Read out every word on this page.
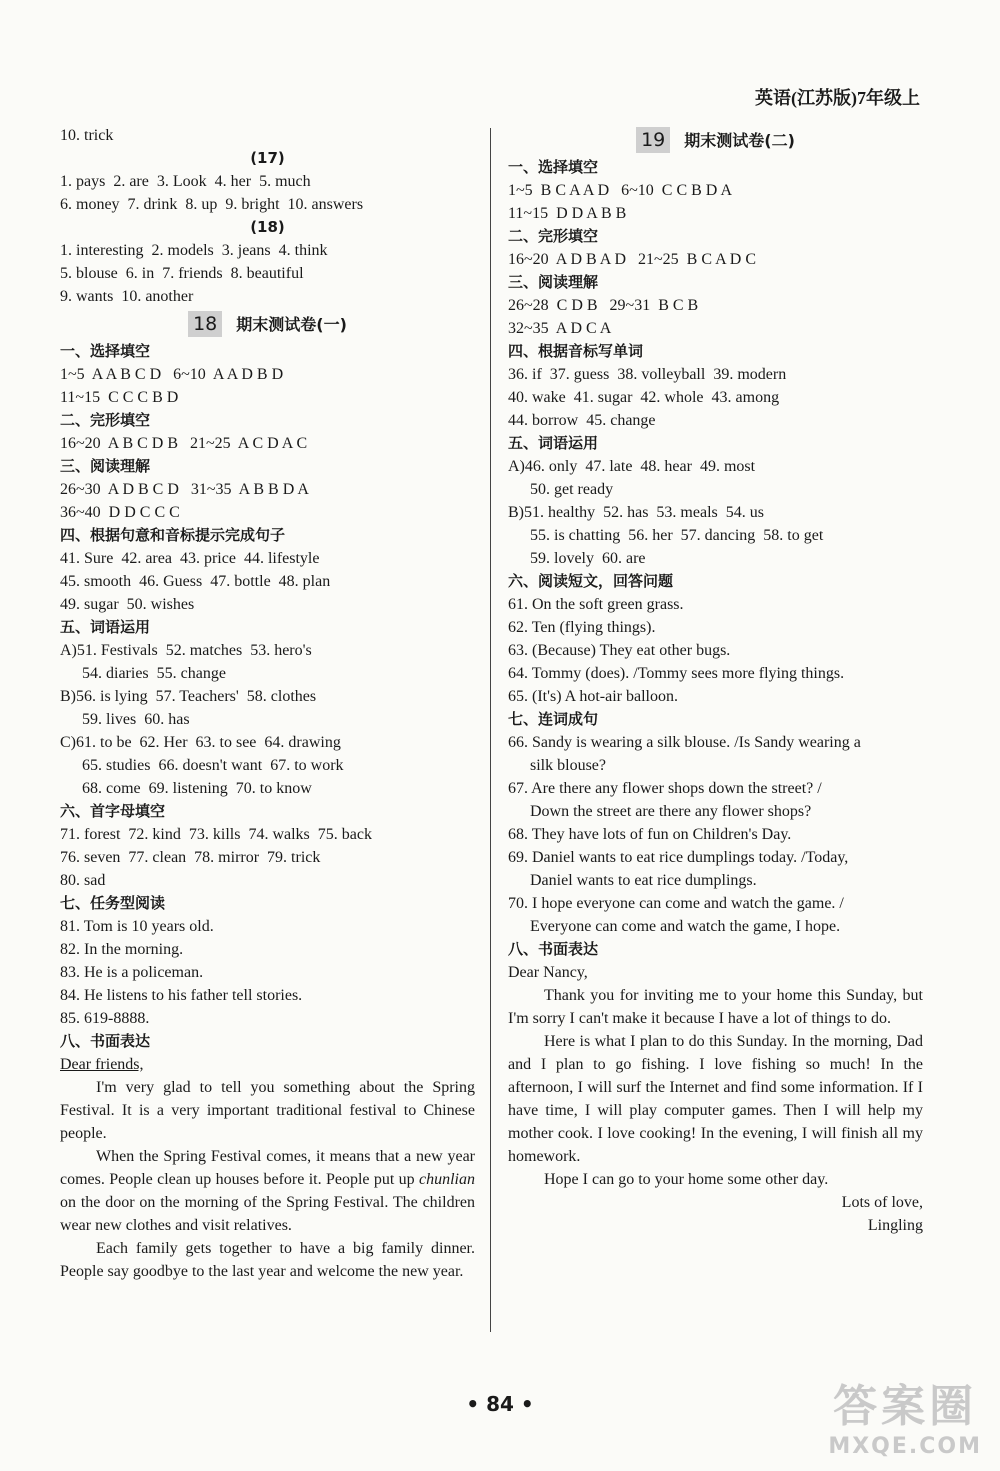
英语(江苏版)7年级上
10. trick
(17)
1. pays  2. are  3. Look  4. her  5. much
6. money  7. drink  8. up  9. bright  10. answers
(18)
1. interesting  2. models  3. jeans  4. think
5. blouse  6. in  7. friends  8. beautiful
9. wants  10. another
18	期末测试卷(一)
一、选择填空
1~5  A A B C D   6~10  A A D B D
11~15  C C C B D
二、完形填空
16~20  A B C D B   21~25  A C D A C
三、阅读理解
26~30  A D B C D   31~35  A B B D A
36~40  D D C C C
四、根据句意和音标提示完成句子
41. Sure  42. area  43. price  44. lifestyle
45. smooth  46. Guess  47. bottle  48. plan
49. sugar  50. wishes
五、词语运用
A)51. Festivals  52. matches  53. hero's
54. diaries  55. change
B)56. is lying  57. Teachers'  58. clothes
59. lives  60. has
C)61. to be  62. Her  63. to see  64. drawing
65. studies  66. doesn't want  67. to work
68. come  69. listening  70. to know
六、首字母填空
71. forest  72. kind  73. kills  74. walks  75. back
76. seven  77. clean  78. mirror  79. trick
80. sad
七、任务型阅读
81. Tom is 10 years old.
82. In the morning.
83. He is a policeman.
84. He listens to his father tell stories.
85. 619-8888.
八、书面表达
Dear friends,
I'm very glad to tell you something about the Spring Festival. It is a very important traditional festival to Chinese people.
When the Spring Festival comes, it means that a new year comes. People clean up houses before it. People put up chunlian on the door on the morning of the Spring Festival. The children wear new clothes and visit relatives.
Each family gets together to have a big family dinner. People say goodbye to the last year and welcome the new year.
19	期末测试卷(二)
一、选择填空
1~5  B C A A D   6~10  C C B D A
11~15  D D A B B
二、完形填空
16~20  A D B A D   21~25  B C A D C
三、阅读理解
26~28  C D B   29~31  B C B
32~35  A D C A
四、根据音标写单词
36. if  37. guess  38. volleyball  39. modern
40. wake  41. sugar  42. whole  43. among
44. borrow  45. change
五、词语运用
A)46. only  47. late  48. hear  49. most
50. get ready
B)51. healthy  52. has  53. meals  54. us
55. is chatting  56. her  57. dancing  58. to get
59. lovely  60. are
六、阅读短文，回答问题
61. On the soft green grass.
62. Ten (flying things).
63. (Because) They eat other bugs.
64. Tommy (does). /Tommy sees more flying things.
65. (It's) A hot-air balloon.
七、连词成句
66. Sandy is wearing a silk blouse. /Is Sandy wearing a
silk blouse?
67. Are there any flower shops down the street? /
Down the street are there any flower shops?
68. They have lots of fun on Children's Day.
69. Daniel wants to eat rice dumplings today. /Today,
Daniel wants to eat rice dumplings.
70. I hope everyone can come and watch the game. /
Everyone can come and watch the game, I hope.
八、书面表达
Dear Nancy,
Thank you for inviting me to your home this Sunday, but I'm sorry I can't make it because I have a lot of things to do.
Here is what I plan to do this Sunday. In the morning, Dad and I plan to go fishing. I love fishing so much! In the afternoon, I will surf the Internet and find some information. If I have time, I will play computer games. Then I will help my mother cook. I love cooking! In the evening, I will finish all my homework.
Hope I can go to your home some other day.
Lots of love,
Lingling
• 84 •	答案圈
MXQE.COM
